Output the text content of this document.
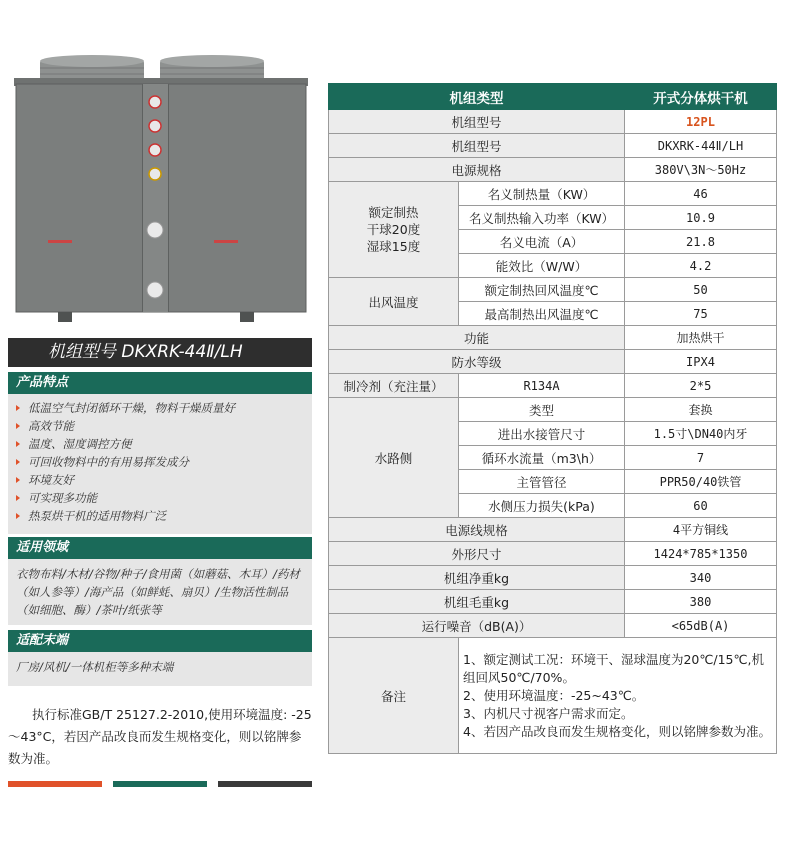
机组型号 DKXRK-44Ⅱ/LH
产品特点
低温空气封闭循环干燥，物料干燥质量好
高效节能
温度、湿度调控方便
可回收物料中的有用易挥发成分
环境友好
可实现多功能
热泵烘干机的适用物料广泛
适用领域
衣物布料/木材/谷物/种子/食用菌（如蘑菇、木耳）/药材（如人参等）/海产品（如鲜蚝、扇贝）/生物活性制品（如细胞、酶）/茶叶/纸张等
适配末端
厂房/风机/一体机柜等多种末端
执行标准GB/T 25127.2-2010,使用环境温度: -25～43°C，若因产品改良而发生规格变化，则以铭牌参数为准。
机组类型		开式分体烘干机
机组型号		12PL
机组型号		DKXRK-44Ⅱ/LH
电源规格		380V\3N～50Hz
额定制热
干球20度
湿球15度	名义制热量（KW）	46
	名义制热输入功率（KW）	10.9
	名义电流（A）	21.8
	能效比（W/W）	4.2
出风温度	额定制热回风温度℃	50
	最高制热出风温度℃	75
功能		加热烘干
防水等级		IPX4
制冷剂（充注量）	R134A	2*5
水路侧	类型	套换
	进出水接管尺寸	1.5寸\DN40内牙
	循环水流量（m3\h）	7
	主管管径	PPR50/40铁管
	水侧压力损失(kPa)	60
电源线规格		4平方铜线
外形尺寸		1424*785*1350
机组净重kg		340
机组毛重kg		380
运行噪音（dB(A)）		<65dB(A)
备注	1、额定测试工况：环境干、湿球温度为20℃/15℃,机组回风50℃/70%。
2、使用环境温度：-25~43℃。
3、内机尺寸视客户需求而定。
4、若因产品改良而发生规格变化，则以铭牌参数为准。	
